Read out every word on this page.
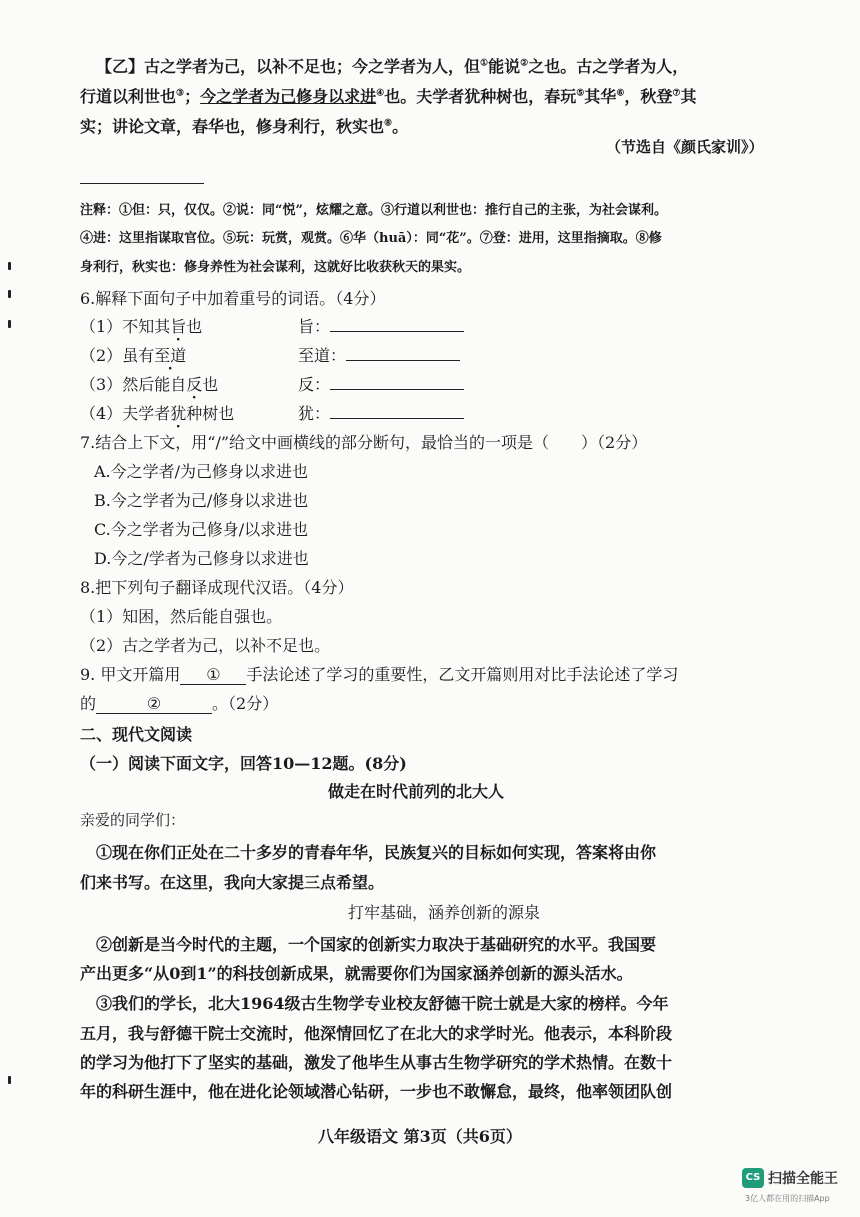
【乙】古之学者为己，以补不足也；今之学者为人，但①能说②之也。古之学者为人，
行道以利世也③；今之学者为己修身以求进④也。夫学者犹种树也，春玩⑤其华⑥，秋登⑦其
实；讲论文章，春华也，修身利行，秋实也⑧。
（节选自《颜氏家训》）
注释：①但：只，仅仅。②说：同“悦”，炫耀之意。③行道以利世也：推行自己的主张，为社会谋利。
④进：这里指谋取官位。⑤玩：玩赏，观赏。⑥华（huā）：同“花”。⑦登：进用，这里指摘取。⑧修
身利行，秋实也：修身养性为社会谋利，这就好比收获秋天的果实。
6.解释下面句子中加着重号的词语。（4分）
（1）不知其旨也	旨：
（2）虽有至道	至道：
（3）然后能自反也	反：
（4）夫学者犹种树也	犹：
7.结合上下文，用“/”给文中画横线的部分断句，最恰当的一项是（　　）（2分）
A.今之学者/为己修身以求进也
B.今之学者为己/修身以求进也
C.今之学者为己修身/以求进也
D.今之/学者为己修身以求进也
8.把下列句子翻译成现代汉语。（4分）
（1）知困，然后能自强也。
（2）古之学者为己，以补不足也。
9. 甲文开篇用 ① 手法论述了学习的重要性，乙文开篇则用对比手法论述了学习
的	②	。（2分）
二、现代文阅读
（一）阅读下面文字，回答10—12题。(8分)
做走在时代前列的北大人
亲爱的同学们：
①现在你们正处在二十多岁的青春年华，民族复兴的目标如何实现，答案将由你
们来书写。在这里，我向大家提三点希望。
打牢基础，涵养创新的源泉
②创新是当今时代的主题，一个国家的创新实力取决于基础研究的水平。我国要
产出更多“从0到1”的科技创新成果，就需要你们为国家涵养创新的源头活水。
③我们的学长，北大1964级古生物学专业校友舒德干院士就是大家的榜样。今年
五月，我与舒德干院士交流时，他深情回忆了在北大的求学时光。他表示，本科阶段
的学习为他打下了坚实的基础，激发了他毕生从事古生物学研究的学术热情。在数十
年的科研生涯中，他在进化论领域潜心钻研，一步也不敢懈怠，最终，他率领团队创
八年级语文 第3页（共6页）
CS 扫描全能王
3亿人都在用的扫描App
